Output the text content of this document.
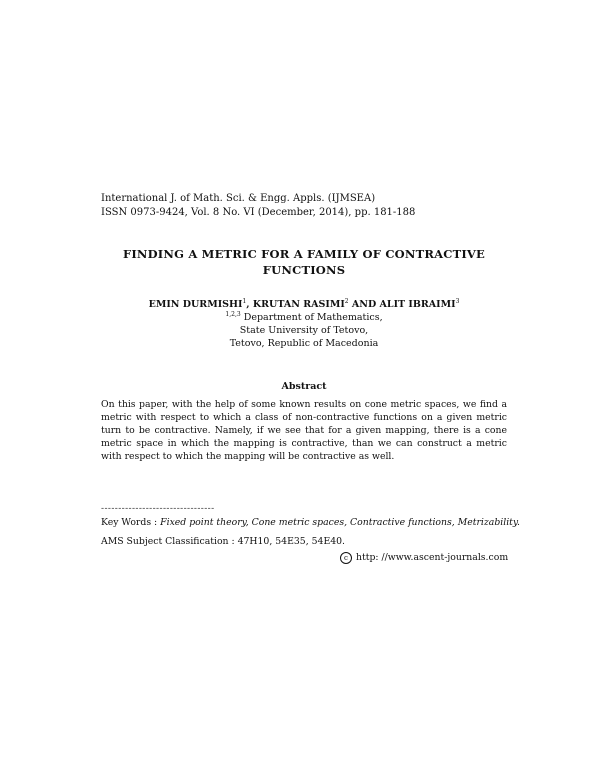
International J. of Math. Sci. & Engg. Appls. (IJMSEA)
ISSN 0973-9424, Vol. 8 No. VI (December, 2014), pp. 181-188
FINDING A METRIC FOR A FAMILY OF CONTRACTIVE
FUNCTIONS
EMIN DURMISHI$^1$, KRUTAN RASIMI$^2$ AND ALIT IBRAIMI$^3$
$^{1,2,3}$ Department of Mathematics,
State University of Tetovo,
Tetovo, Republic of Macedonia
Abstract
On this paper, with the help of some known results on cone metric spaces, we find a metric with respect to which a class of non-contractive functions on a given metric turn to be contractive. Namely, if we see that for a given mapping, there is a cone metric space in which the mapping is contractive, than we can construct a metric with respect to which the mapping will be contractive as well.
---------------------------------
Key Words : Fixed point theory, Cone metric spaces, Contractive functions, Metrizability.
AMS Subject Classification : 47H10, 54E35, 54E40.
c http: //www.ascent-journals.com
